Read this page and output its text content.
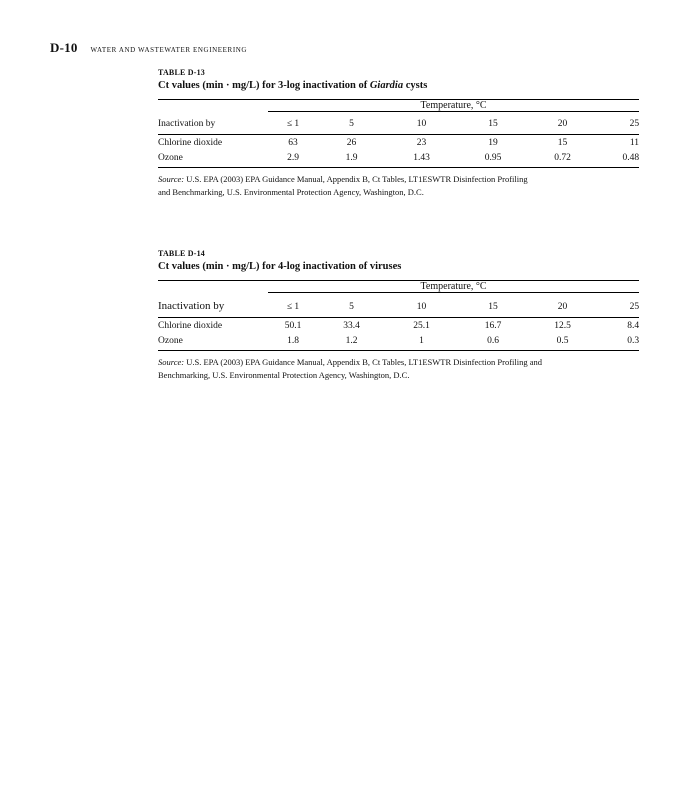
D-10 WATER AND WASTEWATER ENGINEERING
TABLE D-13
Ct values (min · mg/L) for 3-log inactivation of Giardia cysts
	Temperature, °C					
Inactivation by	≤ 1	5	10	15	20	25
Chlorine dioxide	63	26	23	19	15	11
Ozone	2.9	1.9	1.43	0.95	0.72	0.48

Source: U.S. EPA (2003) EPA Guidance Manual, Appendix B, Ct Tables, LT1ESWTR Disinfection Profiling
and Benchmarking, U.S. Environmental Protection Agency, Washington, D.C.

TABLE D-14
Ct values (min · mg/L) for 4-log inactivation of viruses
	Temperature, °C					
Inactivation by	≤ 1	5	10	15	20	25
Chlorine dioxide	50.1	33.4	25.1	16.7	12.5	8.4
Ozone	1.8	1.2	1	0.6	0.5	0.3

Source: U.S. EPA (2003) EPA Guidance Manual, Appendix B, Ct Tables, LT1ESWTR Disinfection Profiling and
Benchmarking, U.S. Environmental Protection Agency, Washington, D.C.
